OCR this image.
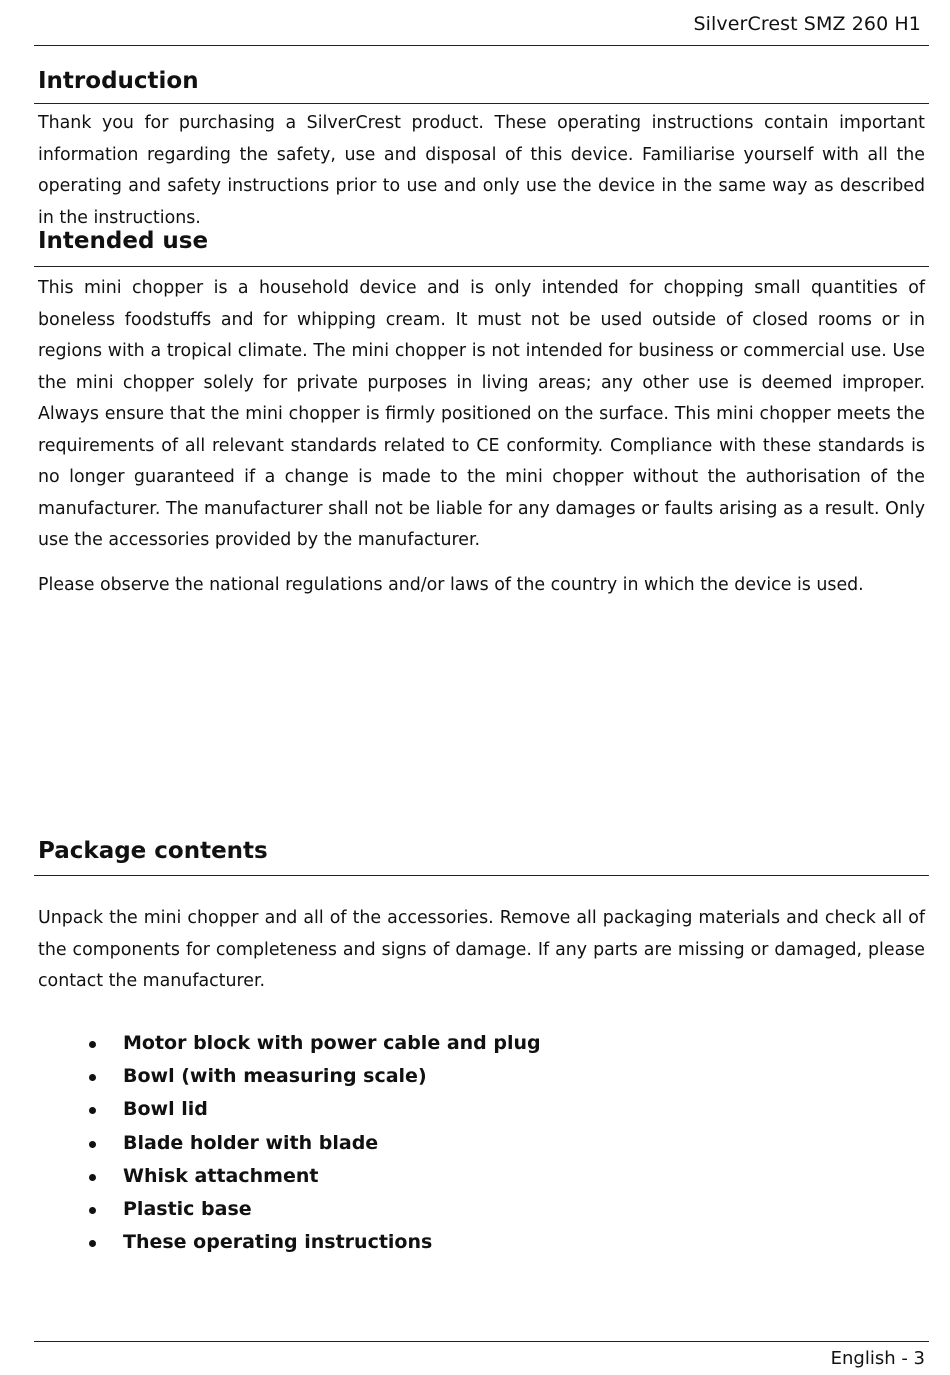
SilverCrest SMZ 260 H1
Introduction

Thank you for purchasing a SilverCrest product. These operating instructions contain important information regarding the safety, use and disposal of this device. Familiarise yourself with all the operating and safety instructions prior to use and only use the device in the same way as described in the instructions.

Intended use

This mini chopper is a household device and is only intended for chopping small quantities of boneless foodstuffs and for whipping cream. It must not be used outside of closed rooms or in regions with a tropical climate. The mini chopper is not intended for business or commercial use. Use the mini chopper solely for private purposes in living areas; any other use is deemed improper. Always ensure that the mini chopper is firmly positioned on the surface. This mini chopper meets the requirements of all relevant standards related to CE conformity. Compliance with these standards is no longer guaranteed if a change is made to the mini chopper without the authorisation of the manufacturer. The manufacturer shall not be liable for any damages or faults arising as a result. Only use the accessories provided by the manufacturer.

Please observe the national regulations and/or laws of the country in which the device is used.

Package contents

Unpack the mini chopper and all of the accessories. Remove all packaging materials and check all of the components for completeness and signs of damage. If any parts are missing or damaged, please contact the manufacturer.

Motor block with power cable and plug
Bowl (with measuring scale)
Bowl lid
Blade holder with blade
Whisk attachment
Plastic base
These operating instructions
English - 3
